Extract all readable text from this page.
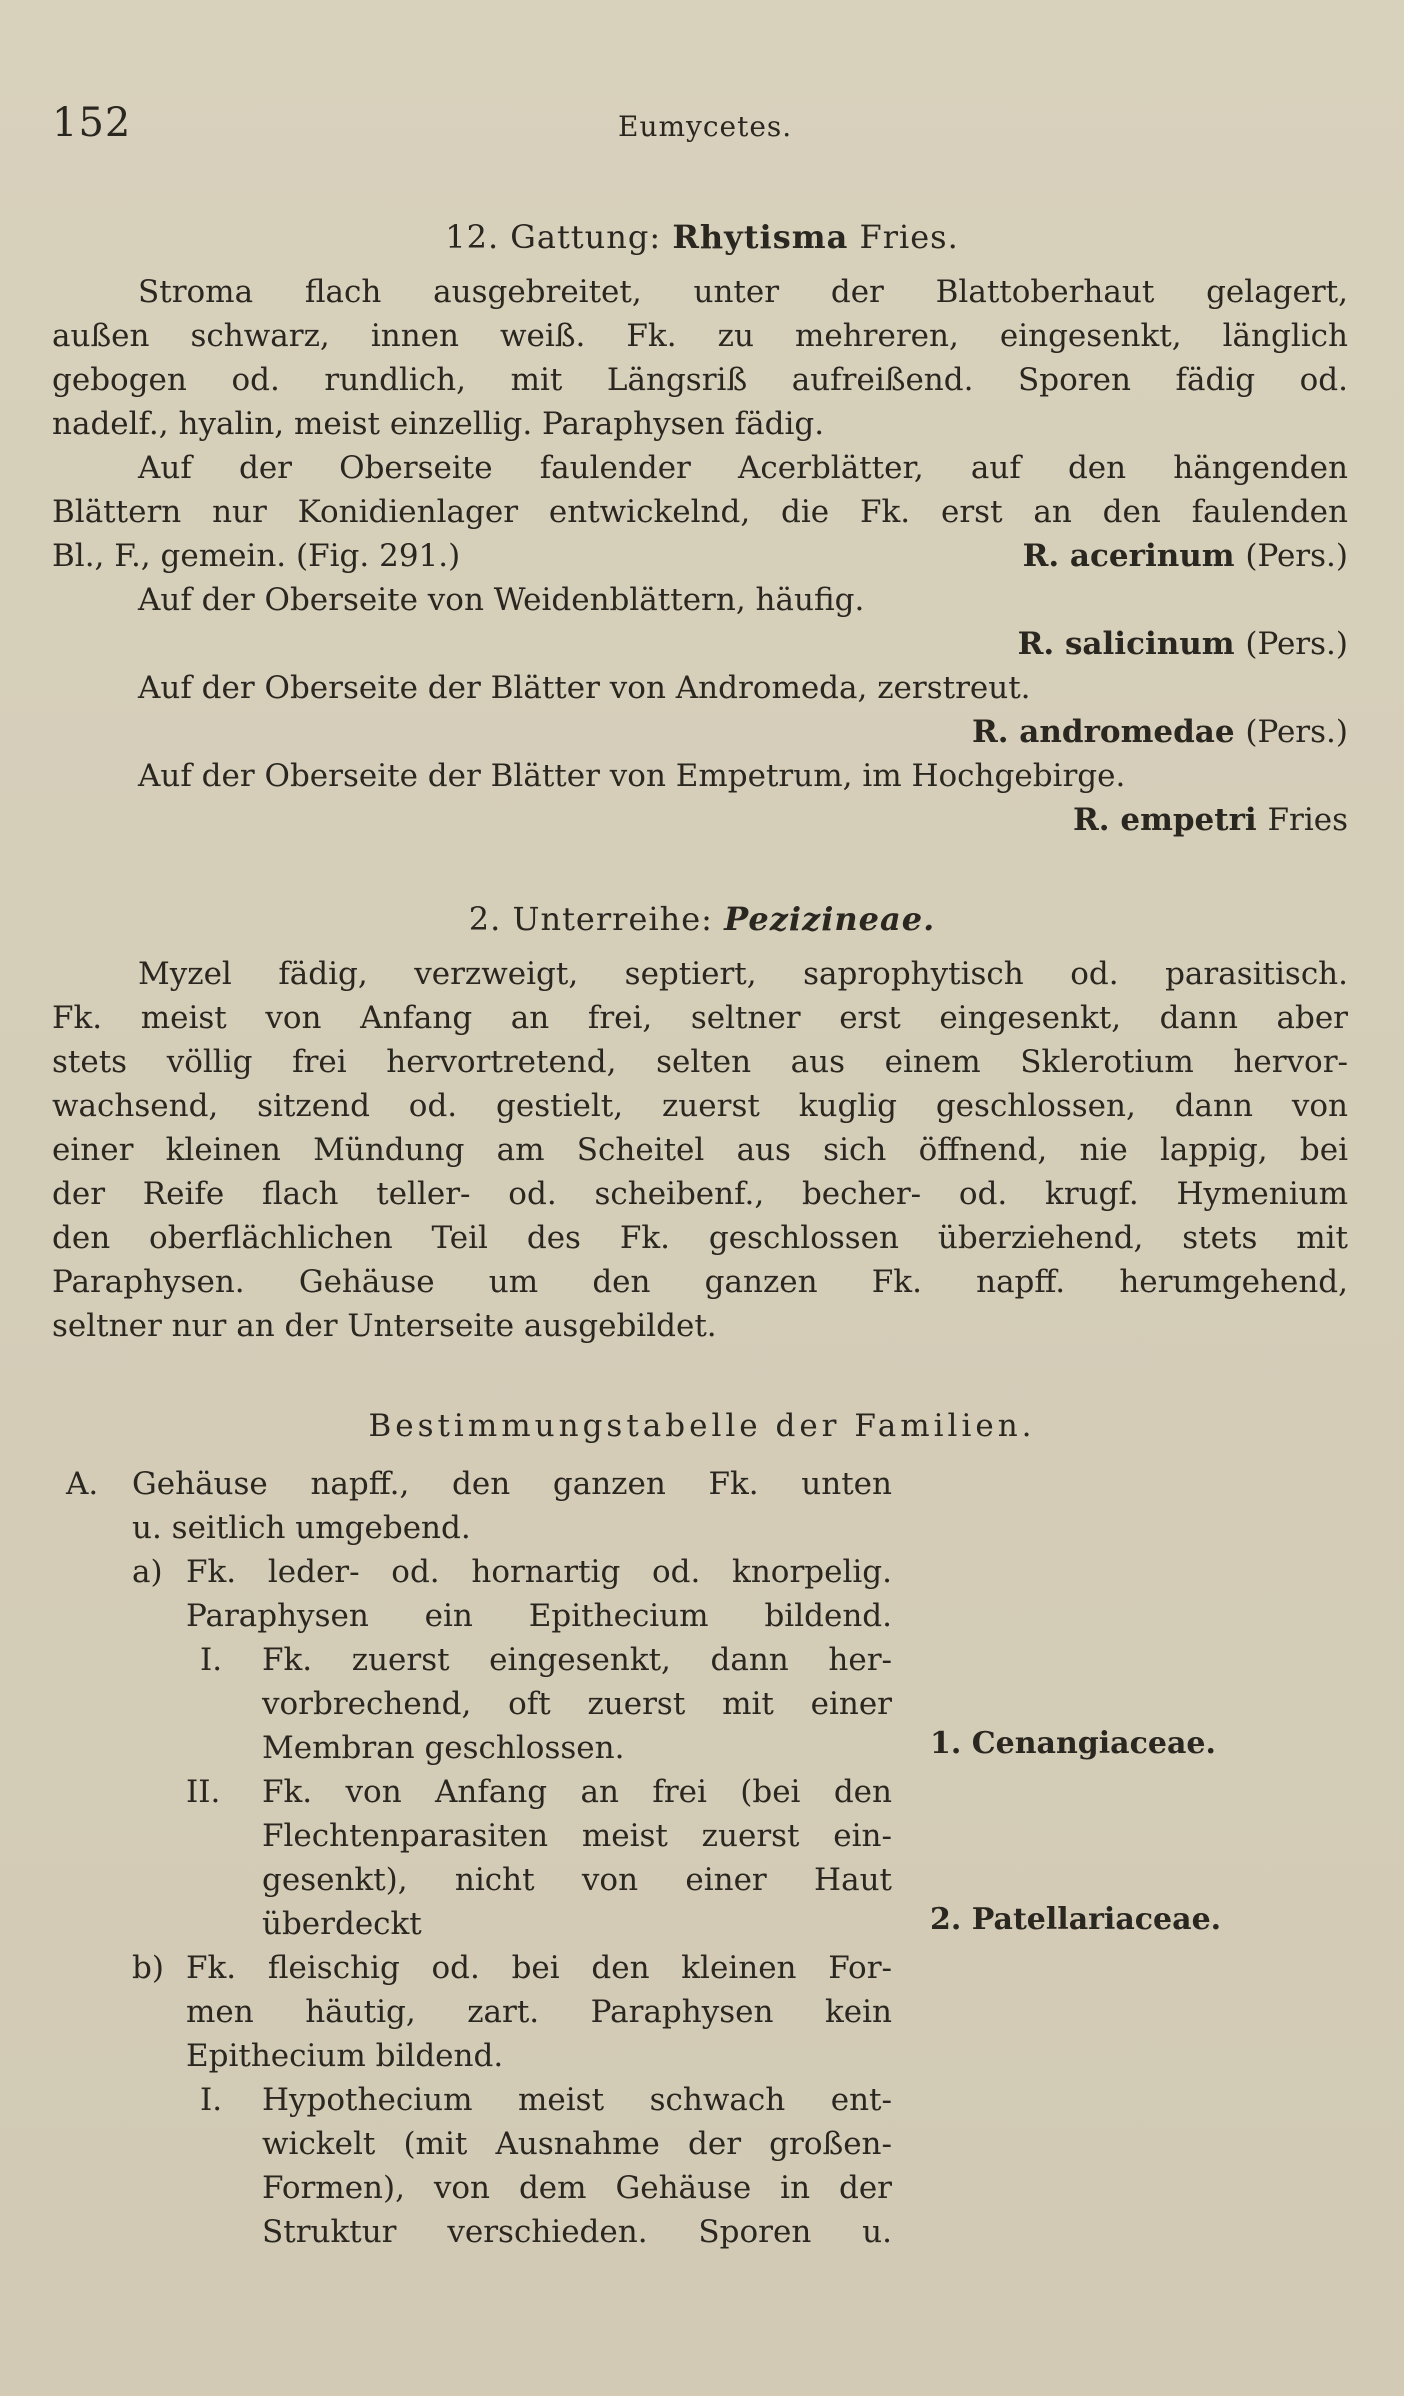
152	Eumycetes.
12. Gattung: Rhytisma Fries.
Stroma flach ausgebreitet, unter der Blattoberhaut gelagert,
außen schwarz, innen weiß. Fk. zu mehreren, eingesenkt, länglich
gebogen od. rundlich, mit Längsriß aufreißend. Sporen fädig od.
nadelf., hyalin, meist einzellig. Paraphysen fädig.
Auf der Oberseite faulender Acerblätter, auf den hängenden
Blättern nur Konidienlager entwickelnd, die Fk. erst an den faulenden
Bl., F., gemein. (Fig. 291.)	R. acerinum (Pers.)
Auf der Oberseite von Weidenblättern, häufig.
R. salicinum (Pers.)
Auf der Oberseite der Blätter von Andromeda, zerstreut.
R. andromedae (Pers.)
Auf der Oberseite der Blätter von Empetrum, im Hochgebirge.
R. empetri Fries
2. Unterreihe: Pezizineae.
Myzel fädig, verzweigt, septiert, saprophytisch od. parasitisch.
Fk. meist von Anfang an frei, seltner erst eingesenkt, dann aber
stets völlig frei hervortretend, selten aus einem Sklerotium hervor-
wachsend, sitzend od. gestielt, zuerst kuglig geschlossen, dann von
einer kleinen Mündung am Scheitel aus sich öffnend, nie lappig, bei
der Reife flach teller- od. scheibenf., becher- od. krugf. Hymenium
den oberflächlichen Teil des Fk. geschlossen überziehend, stets mit
Paraphysen. Gehäuse um den ganzen Fk. napff. herumgehend,
seltner nur an der Unterseite ausgebildet.
Bestimmungstabelle der Familien.
A. Gehäuse napff., den ganzen Fk. unten
u. seitlich umgebend.
a) Fk. leder- od. hornartig od. knorpelig.
Paraphysen ein Epithecium bildend.
I. Fk. zuerst eingesenkt, dann her-
vorbrechend, oft zuerst mit einer
Membran geschlossen.	1. Cenangiaceae.
II. Fk. von Anfang an frei (bei den
Flechtenparasiten meist zuerst ein-
gesenkt), nicht von einer Haut
überdeckt	2. Patellariaceae.
b) Fk. fleischig od. bei den kleinen For-
men häutig, zart. Paraphysen kein
Epithecium bildend.
I. Hypothecium meist schwach ent-
wickelt (mit Ausnahme der großen-
Formen), von dem Gehäuse in der
Struktur verschieden. Sporen u.
